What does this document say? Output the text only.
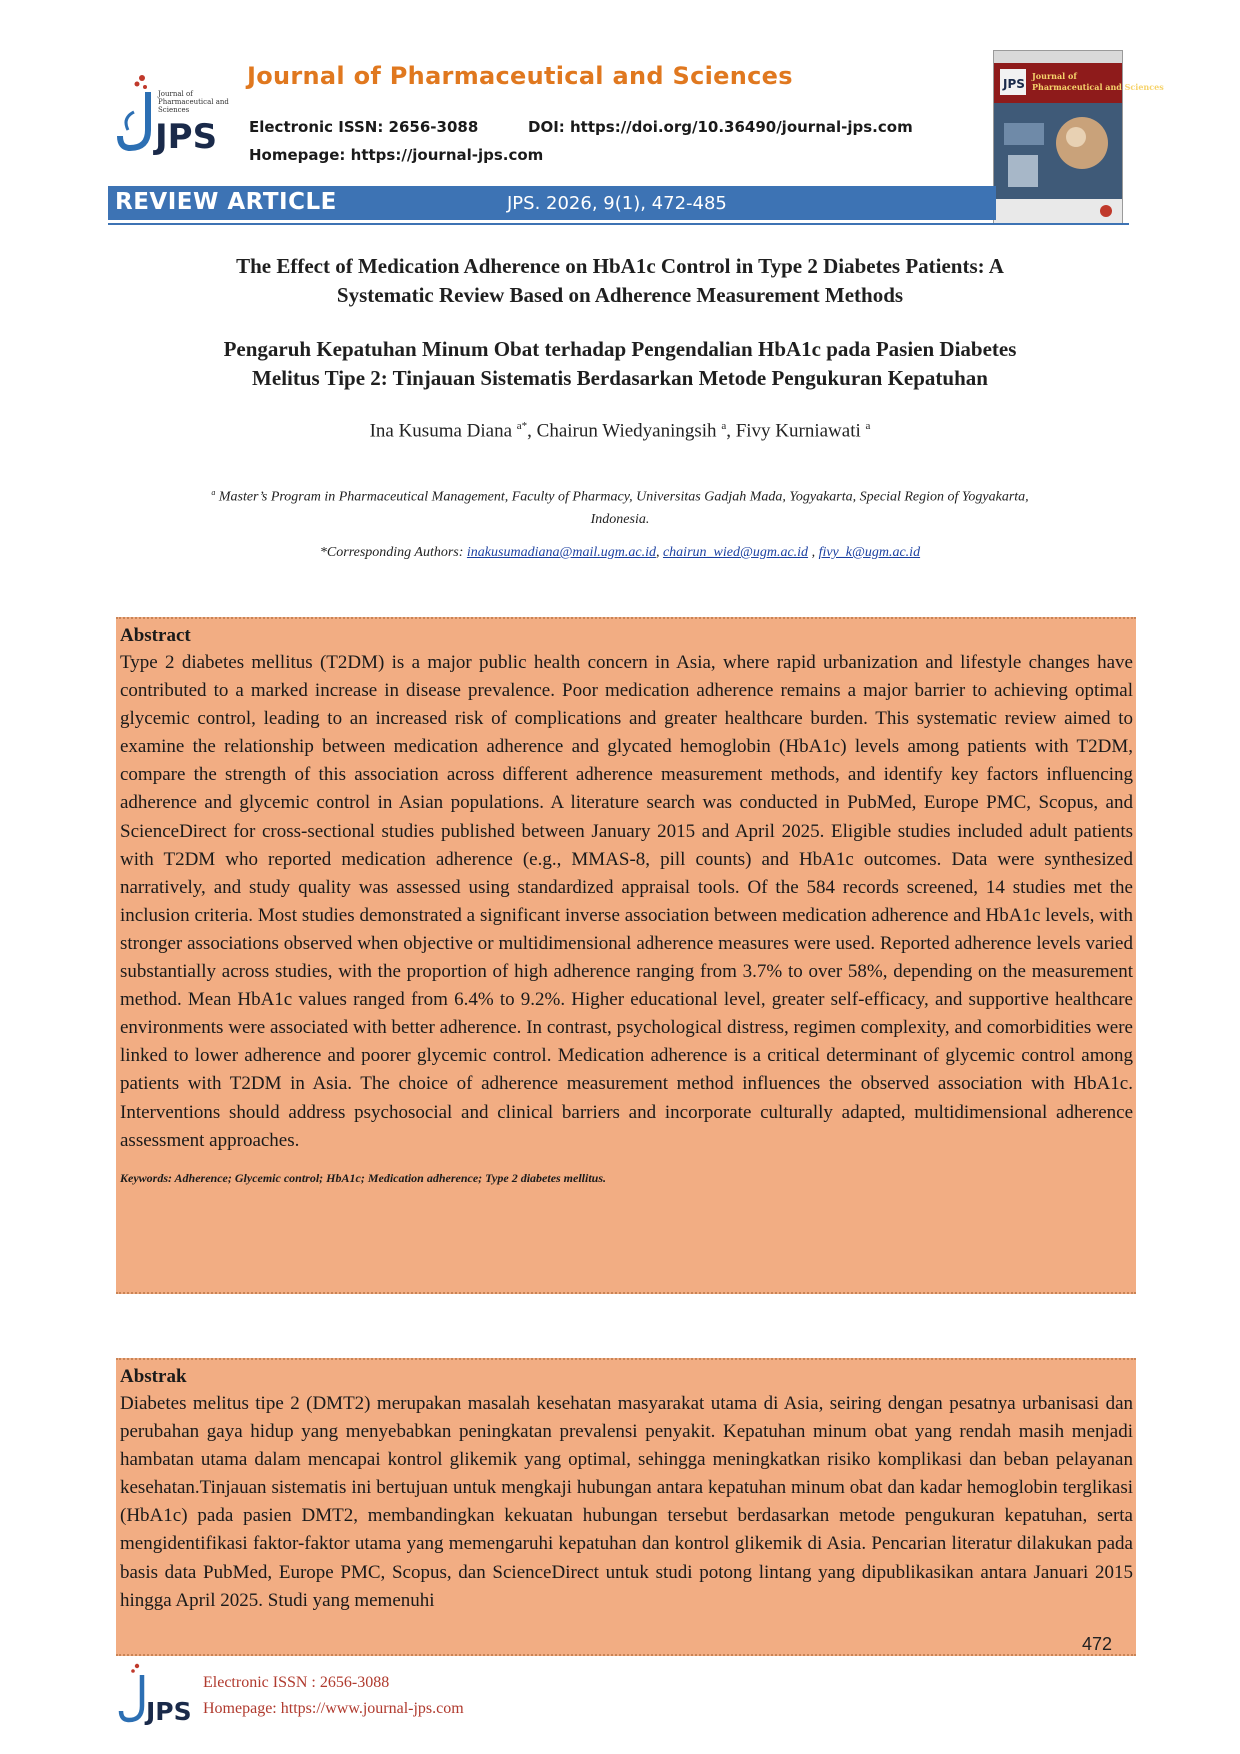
JPS
Journal of
Pharmaceutical and
Sciences
Journal of Pharmaceutical and Sciences
Electronic ISSN: 2656-3088	DOI: https://doi.org/10.36490/journal-jps.com
Homepage: https://journal-jps.com
JPS
Journal of
Pharmaceutical and Sciences
REVIEW ARTICLE	JPS. 2026, 9(1), 472-485
The Effect of Medication Adherence on HbA1c Control in Type 2 Diabetes Patients: A
Systematic Review Based on Adherence Measurement Methods
Pengaruh Kepatuhan Minum Obat terhadap Pengendalian HbA1c pada Pasien Diabetes
Melitus Tipe 2: Tinjauan Sistematis Berdasarkan Metode Pengukuran Kepatuhan
Ina Kusuma Diana $^{a*}$, Chairun Wiedyaningsih $^a$, Fivy Kurniawati $^a$
$^a$ Master’s Program in Pharmaceutical Management, Faculty of Pharmacy, Universitas Gadjah Mada, Yogyakarta, Special Region of Yogyakarta,
Indonesia.
*Corresponding Authors: inakusumadiana@mail.ugm.ac.id, chairun_wied@ugm.ac.id , fivy_k@ugm.ac.id
Abstract
Type 2 diabetes mellitus (T2DM) is a major public health concern in Asia, where rapid urbanization and lifestyle changes have contributed to a marked increase in disease prevalence. Poor medication adherence remains a major barrier to achieving optimal glycemic control, leading to an increased risk of complications and greater healthcare burden. This systematic review aimed to examine the relationship between medication adherence and glycated hemoglobin (HbA1c) levels among patients with T2DM, compare the strength of this association across different adherence measurement methods, and identify key factors influencing adherence and glycemic control in Asian populations. A literature search was conducted in PubMed, Europe PMC, Scopus, and ScienceDirect for cross-sectional studies published between January 2015 and April 2025. Eligible studies included adult patients with T2DM who reported medication adherence (e.g., MMAS-8, pill counts) and HbA1c outcomes. Data were synthesized narratively, and study quality was assessed using standardized appraisal tools. Of the 584 records screened, 14 studies met the inclusion criteria. Most studies demonstrated a significant inverse association between medication adherence and HbA1c levels, with stronger associations observed when objective or multidimensional adherence measures were used. Reported adherence levels varied substantially across studies, with the proportion of high adherence ranging from 3.7% to over 58%, depending on the measurement method. Mean HbA1c values ranged from 6.4% to 9.2%. Higher educational level, greater self-efficacy, and supportive healthcare environments were associated with better adherence. In contrast, psychological distress, regimen complexity, and comorbidities were linked to lower adherence and poorer glycemic control. Medication adherence is a critical determinant of glycemic control among patients with T2DM in Asia. The choice of adherence measurement method influences the observed association with HbA1c. Interventions should address psychosocial and clinical barriers and incorporate culturally adapted, multidimensional adherence assessment approaches.
Keywords: Adherence; Glycemic control; HbA1c; Medication adherence; Type 2 diabetes mellitus.
Abstrak
Diabetes melitus tipe 2 (DMT2) merupakan masalah kesehatan masyarakat utama di Asia, seiring dengan pesatnya urbanisasi dan perubahan gaya hidup yang menyebabkan peningkatan prevalensi penyakit. Kepatuhan minum obat yang rendah masih menjadi hambatan utama dalam mencapai kontrol glikemik yang optimal, sehingga meningkatkan risiko komplikasi dan beban pelayanan kesehatan.Tinjauan sistematis ini bertujuan untuk mengkaji hubungan antara kepatuhan minum obat dan kadar hemoglobin terglikasi (HbA1c) pada pasien DMT2, membandingkan kekuatan hubungan tersebut berdasarkan metode pengukuran kepatuhan, serta mengidentifikasi faktor-faktor utama yang memengaruhi kepatuhan dan kontrol glikemik di Asia. Pencarian literatur dilakukan pada basis data PubMed, Europe PMC, Scopus, dan ScienceDirect untuk studi potong lintang yang dipublikasikan antara Januari 2015 hingga April 2025. Studi yang memenuhi
472
JPS
Electronic ISSN : 2656-3088
Homepage: https://www.journal-jps.com
